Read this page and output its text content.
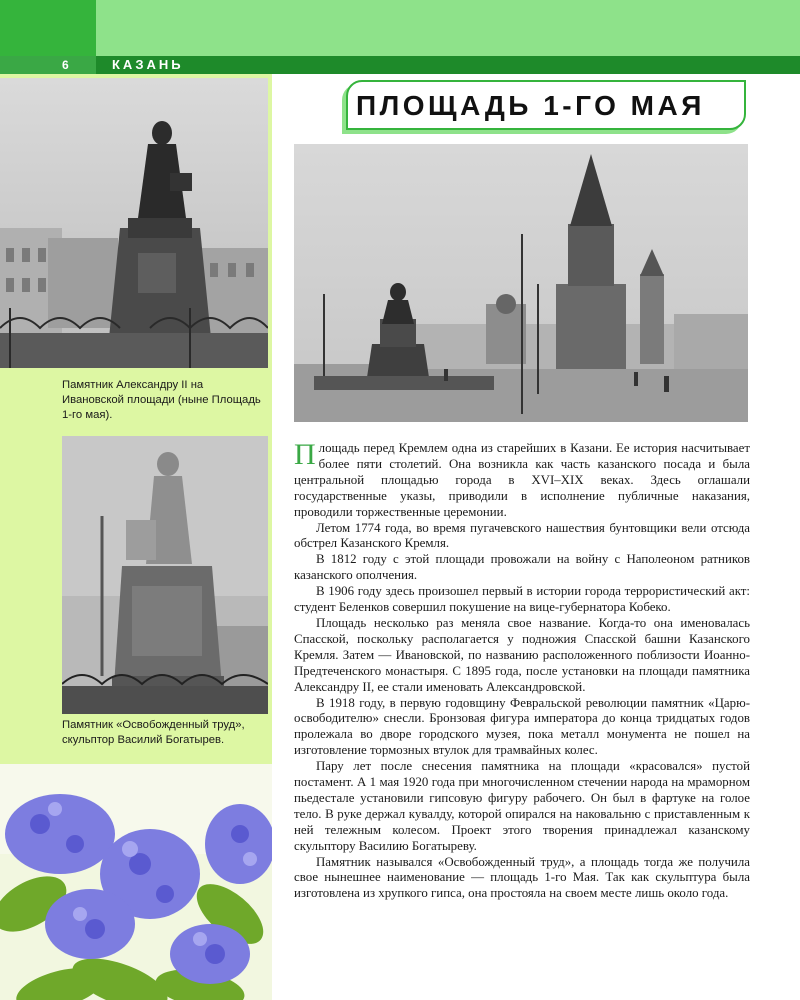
6	КАЗАНЬ
Памятник Александру II на Ивановской площади (ныне Площадь 1-го мая).
Памятник «Освобожденный труд», скульптор Василий Богатырев.
ПЛОЩАДЬ 1-ГО МАЯ

Площадь перед Кремлем одна из старейших в Казани. Ее история насчитывает более пяти столетий. Она возникла как часть казанского посада и была центральной площадью города в XVI–XIX веках. Здесь оглашали государственные указы, приводили в исполнение публичные наказания, проводили торжественные церемонии.

Летом 1774 года, во время пугачевского нашествия бунтовщики вели отсюда обстрел Казанского Кремля.

В 1812 году с этой площади провожали на войну с Наполеоном ратников казанского ополчения.

В 1906 году здесь произошел первый в истории города террористический акт: студент Беленков совершил покушение на вице-губернатора Кобеко.

Площадь несколько раз меняла свое название. Когда-то она именовалась Спасской, поскольку располагается у подножия Спасской башни Казанского Кремля. Затем — Ивановской, по названию расположенного поблизости Иоанно-Предтеченского монастыря. С 1895 года, после установки на площади памятника Александру II, ее стали именовать Александровской.

В 1918 году, в первую годовщину Февральской революции памятник «Царю-освободителю» снесли. Бронзовая фигура императора до конца тридцатых годов пролежала во дворе городского музея, пока металл монумента не пошел на изготовление тормозных втулок для трамвайных колес.

Пару лет после снесения памятника на площади «красовался» пустой постамент. А 1 мая 1920 года при многочисленном стечении народа на мраморном пьедестале установили гипсовую фигуру рабочего. Он был в фартуке на голое тело. В руке держал кувалду, которой опирался на наковальню с приставленным к ней тележным колесом. Проект этого творения принадлежал казанскому скульптору Василию Богатыреву.

Памятник назывался «Освобожденный труд», а площадь тогда же получила свое нынешнее наименование — площадь 1-го Мая. Так как скульптура была изготовлена из хрупкого гипса, она простояла на своем месте лишь около года.
